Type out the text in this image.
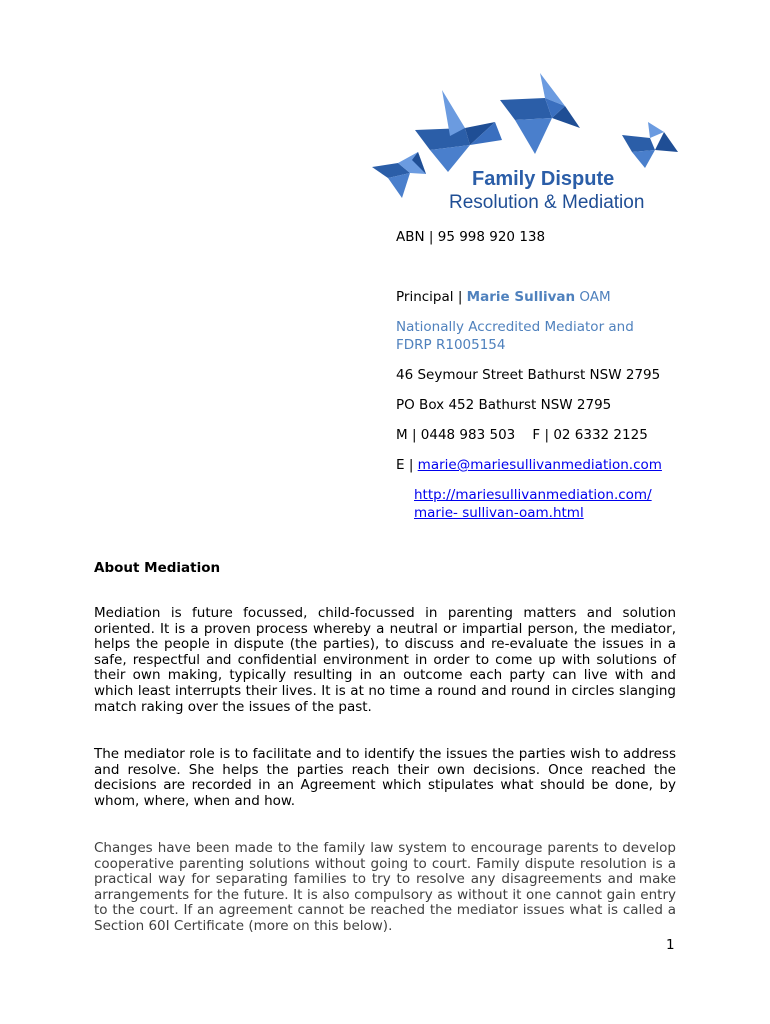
Family Dispute
Resolution & Mediation
ABN | 95 998 920 138
Principal | Marie Sullivan OAM
Nationally Accredited Mediator and FDRP R1005154
46 Seymour Street Bathurst NSW 2795
PO Box 452 Bathurst NSW 2795
M | 0448 983 503    F | 02 6332 2125
E | marie@mariesullivanmediation.com
http://mariesullivanmediation.com/ marie- sullivan-oam.html
About Mediation
Mediation is future focussed, child-focussed in parenting matters and solution oriented. It is a proven process whereby a neutral or impartial person, the mediator, helps the people in dispute (the parties), to discuss and re-evaluate the issues in a safe, respectful and confidential environment in order to come up with solutions of their own making, typically resulting in an outcome each party can live with and which least interrupts their lives. It is at no time a round and round in circles slanging match raking over the issues of the past.
The mediator role is to facilitate and to identify the issues the parties wish to address and resolve. She helps the parties reach their own decisions. Once reached the decisions are recorded in an Agreement which stipulates what should be done, by whom, where, when and how.
Changes have been made to the family law system to encourage parents to develop cooperative parenting solutions without going to court. Family dispute resolution is a practical way for separating families to try to resolve any disagreements and make arrangements for the future. It is also compulsory as without it one cannot gain entry to the court. If an agreement cannot be reached the mediator issues what is called a Section 60I Certificate (more on this below).
1
